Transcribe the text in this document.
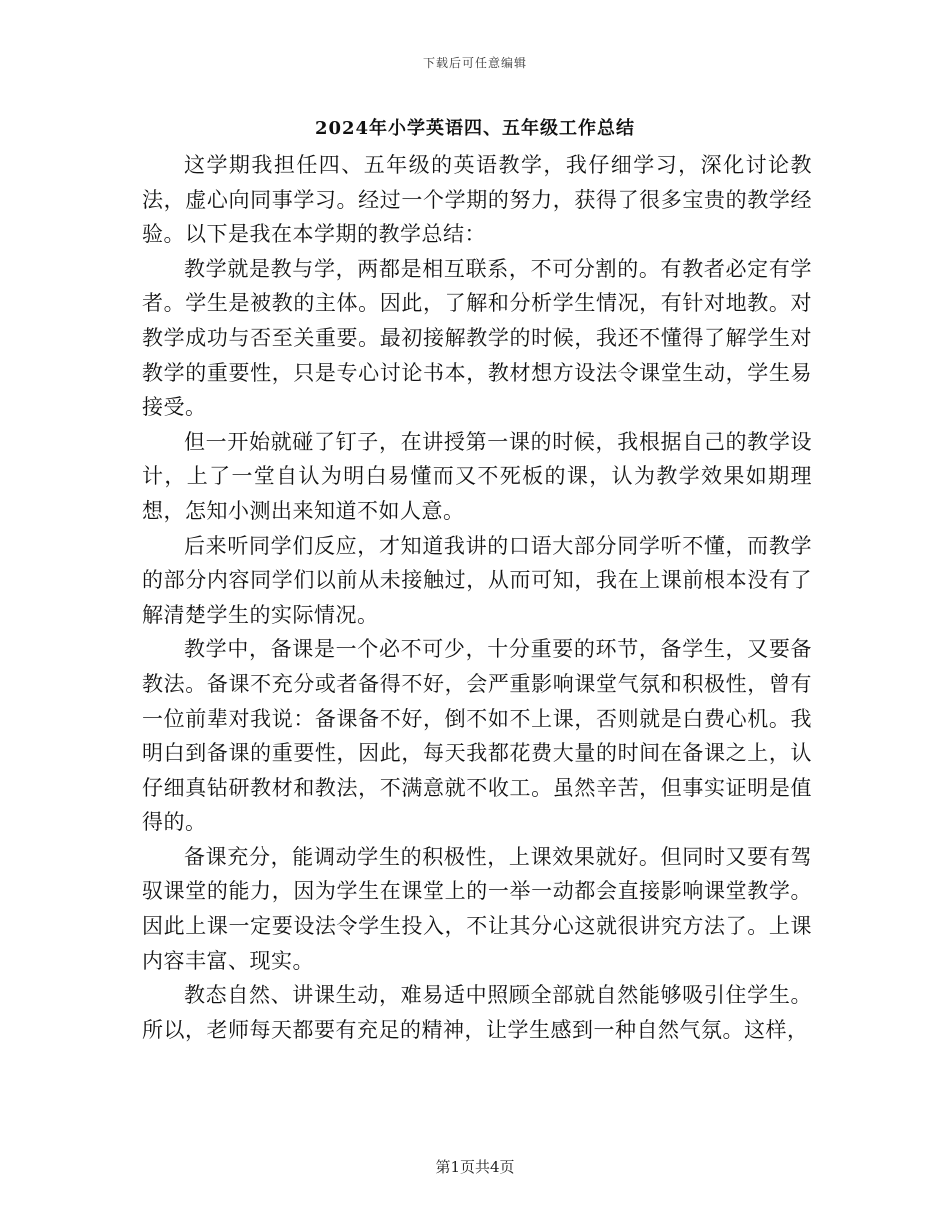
下载后可任意编辑
2024年小学英语四、五年级工作总结

这学期我担任四、五年级的英语教学，我仔细学习，深化讨论教法，虚心向同事学习。经过一个学期的努力，获得了很多宝贵的教学经验。以下是我在本学期的教学总结：

教学就是教与学，两都是相互联系，不可分割的。有教者必定有学者。学生是被教的主体。因此，了解和分析学生情况，有针对地教。对教学成功与否至关重要。最初接解教学的时候，我还不懂得了解学生对教学的重要性，只是专心讨论书本，教材想方设法令课堂生动，学生易接受。

但一开始就碰了钉子，在讲授第一课的时候，我根据自己的教学设计，上了一堂自认为明白易懂而又不死板的课，认为教学效果如期理想，怎知小测出来知道不如人意。

后来听同学们反应，才知道我讲的口语大部分同学听不懂，而教学的部分内容同学们以前从未接触过，从而可知，我在上课前根本没有了解清楚学生的实际情况。

教学中，备课是一个必不可少，十分重要的环节，备学生，又要备教法。备课不充分或者备得不好，会严重影响课堂气氛和积极性，曾有一位前辈对我说：备课备不好，倒不如不上课，否则就是白费心机。我明白到备课的重要性，因此，每天我都花费大量的时间在备课之上，认仔细真钻研教材和教法，不满意就不收工。虽然辛苦，但事实证明是值得的。

备课充分，能调动学生的积极性，上课效果就好。但同时又要有驾驭课堂的能力，因为学生在课堂上的一举一动都会直接影响课堂教学。因此上课一定要设法令学生投入，不让其分心这就很讲究方法了。上课内容丰富、现实。

教态自然、讲课生动，难易适中照顾全部就自然能够吸引住学生。所以，老师每天都要有充足的精神，让学生感到一种自然气氛。这样，

第1页共4页
